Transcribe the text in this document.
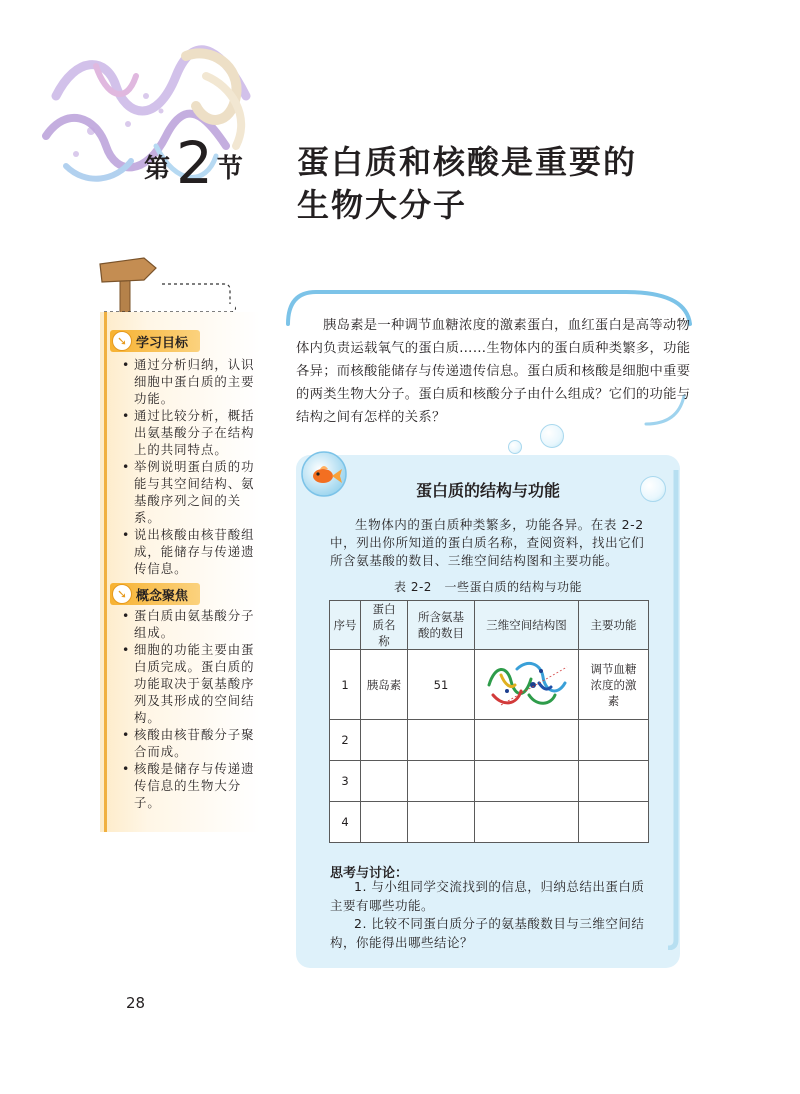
第 2 节 蛋白质和核酸是重要的
生物大分子
➘ 学习目标
• 通过分析归纳，认识细胞中蛋白质的主要功能。
• 通过比较分析，概括出氨基酸分子在结构上的共同特点。
• 举例说明蛋白质的功能与其空间结构、氨基酸序列之间的关系。
• 说出核酸由核苷酸组成，能储存与传递遗传信息。
➘ 概念聚焦
• 蛋白质由氨基酸分子组成。
• 细胞的功能主要由蛋白质完成。蛋白质的功能取决于氨基酸序列及其形成的空间结构。
• 核酸由核苷酸分子聚合而成。
• 核酸是储存与传递遗传信息的生物大分子。
胰岛素是一种调节血糖浓度的激素蛋白，血红蛋白是高等动物体内负责运载氧气的蛋白质……生物体内的蛋白质种类繁多，功能各异；而核酸能储存与传递遗传信息。蛋白质和核酸是细胞中重要的两类生物大分子。蛋白质和核酸分子由什么组成？它们的功能与结构之间有怎样的关系？
蛋白质的结构与功能
生物体内的蛋白质种类繁多，功能各异。在表 2-2 中，列出你所知道的蛋白质名称，查阅资料，找出它们所含氨基酸的数目、三维空间结构图和主要功能。
表 2-2　一些蛋白质的结构与功能
序号	蛋白质名称	所含氨基酸的数目	三维空间结构图	主要功能
1	胰岛素	51		调节血糖浓度的激素
2				
3				
4				
思考与讨论：

1. 与小组同学交流找到的信息，归纳总结出蛋白质主要有哪些功能。

2. 比较不同蛋白质分子的氨基酸数目与三维空间结构，你能得出哪些结论？

28
